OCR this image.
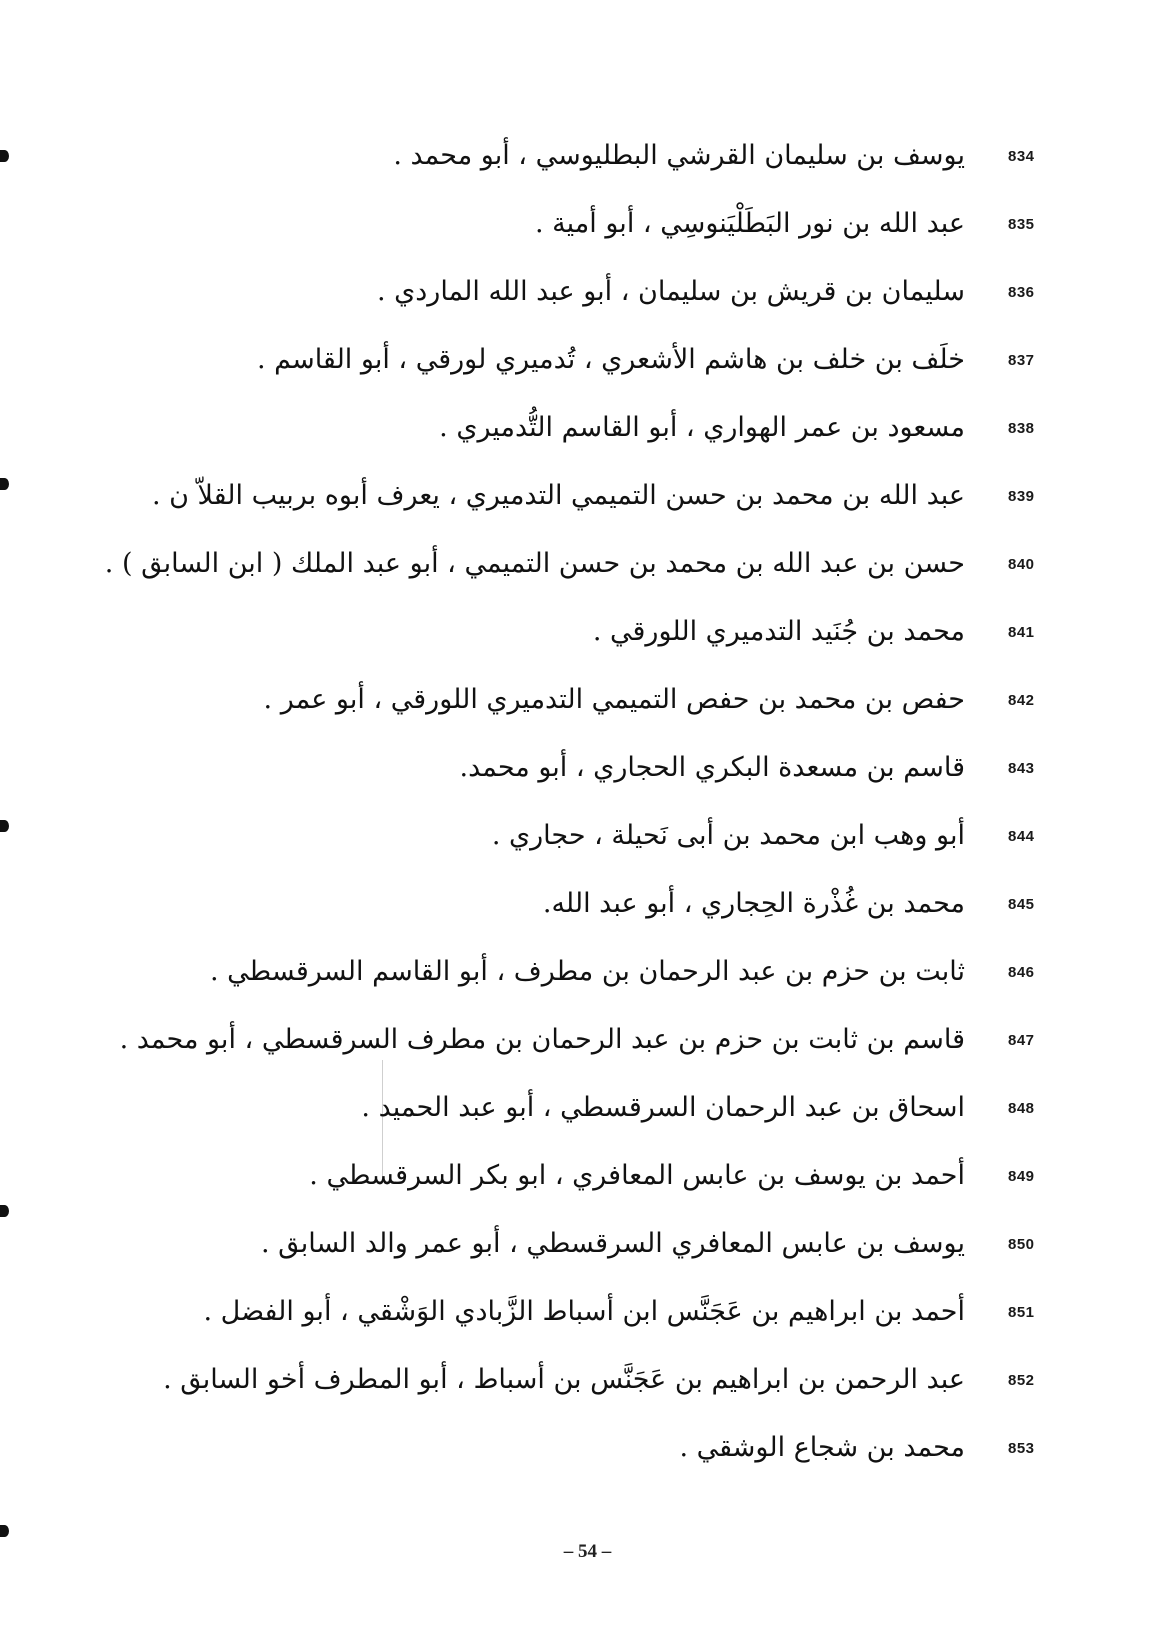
834
يوسف بن سليمان القرشي البطليوسي ، أبو محمد .
835
عبد الله بن نور البَطَلْيَنوسِي ، أبو أمية .
836
سليمان بن قريش بن سليمان ، أبو عبد الله الماردي .
837
خلَف بن خلف بن هاشم الأشعري ، تُدميري لورقي ، أبو القاسم .
838
مسعود بن عمر الهواري ، أبو القاسم التُّدميري .
839
عبد الله بن محمد بن حسن التميمي التدميري ، يعرف أبوه بربيب القلاّ ن .
840
حسن بن عبد الله بن محمد بن حسن التميمي ، أبو عبد الملك ( ابن السابق ) .
841
محمد بن جُنَيد التدميري اللورقي .
842
حفص بن محمد بن حفص التميمي التدميري اللورقي ، أبو عمر .
843
قاسم بن مسعدة البكري الحجاري ، أبو محمد.
844
أبو وهب ابن محمد بن أبى نَحيلة ، حجاري .
845
محمد بن غُذْرة الحِجاري ، أبو عبد الله.
846
ثابت بن حزم بن عبد الرحمان بن مطرف ، أبو القاسم السرقسطي .
847
قاسم بن ثابت بن حزم بن عبد الرحمان بن مطرف السرقسطي ، أبو محمد .
848
اسحاق بن عبد الرحمان السرقسطي ، أبو عبد الحميد .
849
أحمد بن يوسف بن عابس المعافري ، ابو بكر السرقسطي .
850
يوسف بن عابس المعافري السرقسطي ، أبو عمر والد السابق .
851
أحمد بن ابراهيم بن عَجَنَّس ابن أسباط الزَّبادي الوَشْقي ، أبو الفضل .
852
عبد الرحمن بن ابراهيم بن عَجَنَّس بن أسباط ، أبو المطرف أخو السابق .
853
محمد بن شجاع الوشقي .
– 54 –
